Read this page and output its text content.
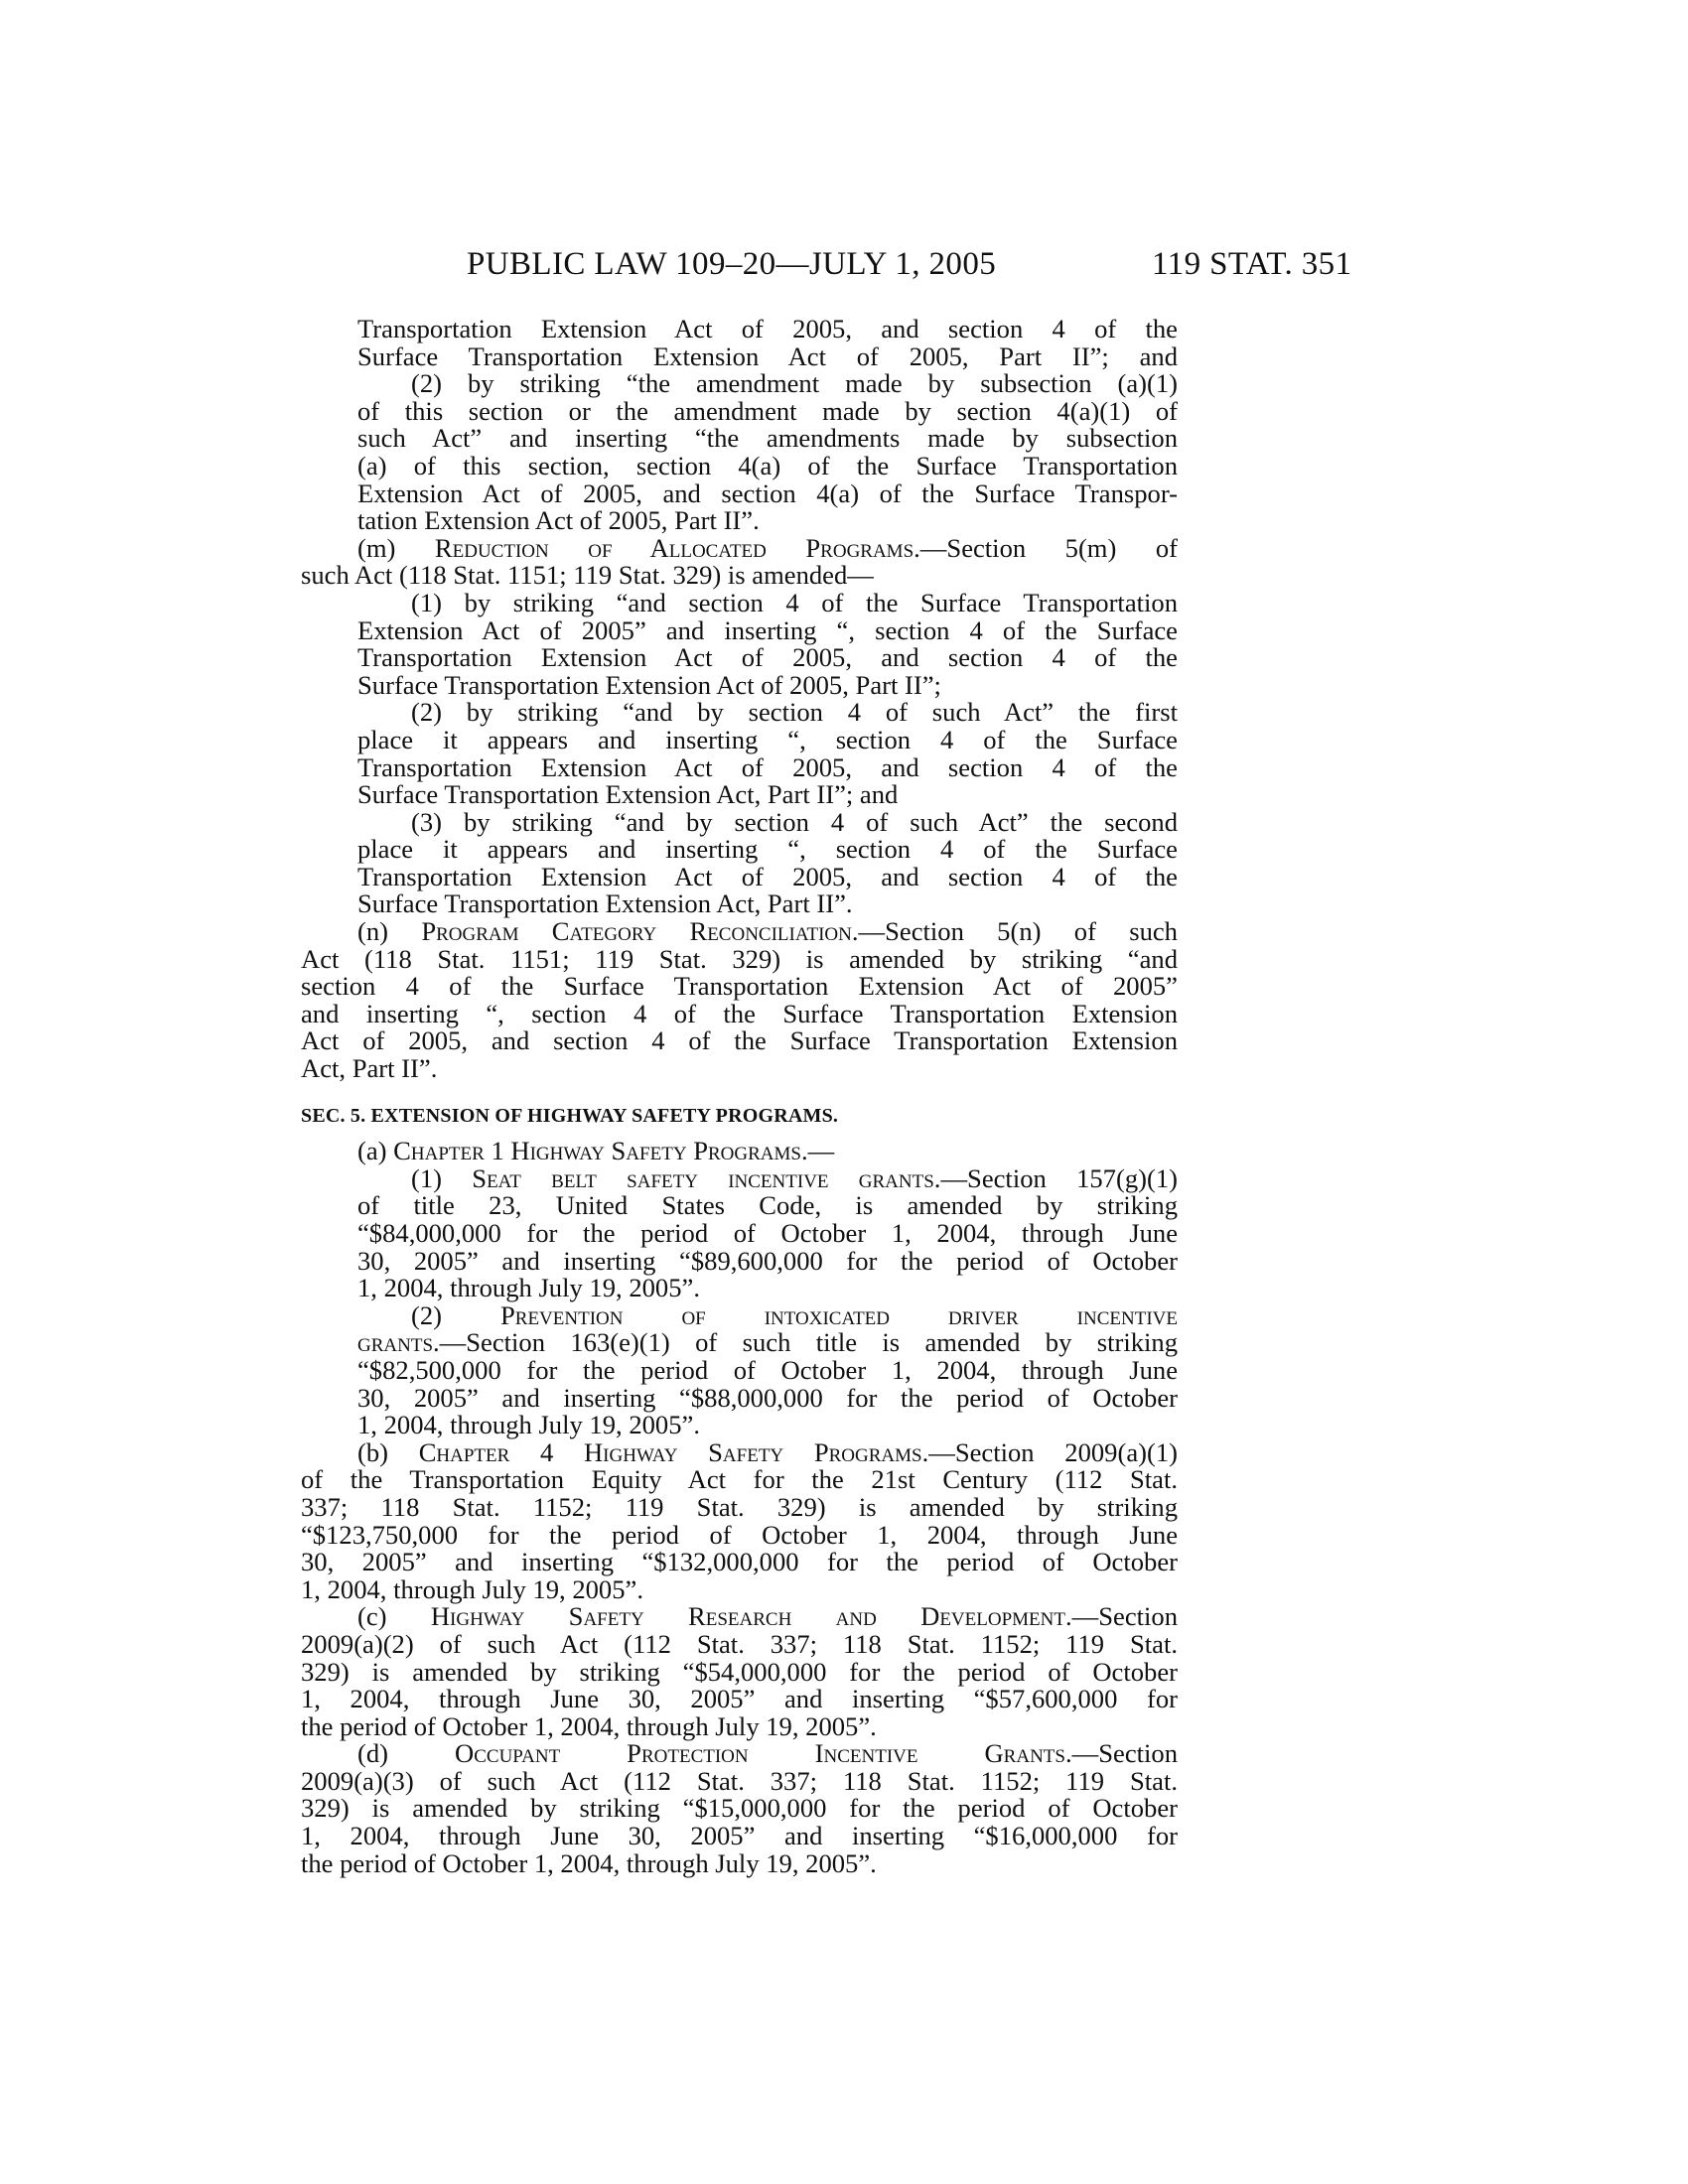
PUBLIC LAW 109–20—JULY 1, 2005	119 STAT. 351
Transportation Extension Act of 2005, and section 4 of the
Surface Transportation Extension Act of 2005, Part II”; and
(2) by striking “the amendment made by subsection (a)(1)
of this section or the amendment made by section 4(a)(1) of
such Act” and inserting “the amendments made by subsection
(a) of this section, section 4(a) of the Surface Transportation
Extension Act of 2005, and section 4(a) of the Surface Transpor-
tation Extension Act of 2005, Part II”.
(m) Reduction of Allocated Programs.—Section 5(m) of
such Act (118 Stat. 1151; 119 Stat. 329) is amended—
(1) by striking “and section 4 of the Surface Transportation
Extension Act of 2005” and inserting “, section 4 of the Surface
Transportation Extension Act of 2005, and section 4 of the
Surface Transportation Extension Act of 2005, Part II”;
(2) by striking “and by section 4 of such Act” the first
place it appears and inserting “, section 4 of the Surface
Transportation Extension Act of 2005, and section 4 of the
Surface Transportation Extension Act, Part II”; and
(3) by striking “and by section 4 of such Act” the second
place it appears and inserting “, section 4 of the Surface
Transportation Extension Act of 2005, and section 4 of the
Surface Transportation Extension Act, Part II”.
(n) Program Category Reconciliation.—Section 5(n) of such
Act (118 Stat. 1151; 119 Stat. 329) is amended by striking “and
section 4 of the Surface Transportation Extension Act of 2005”
and inserting “, section 4 of the Surface Transportation Extension
Act of 2005, and section 4 of the Surface Transportation Extension
Act, Part II”.
SEC. 5. EXTENSION OF HIGHWAY SAFETY PROGRAMS.
(a) Chapter 1 Highway Safety Programs.—
(1) Seat belt safety incentive grants.—Section 157(g)(1)
of title 23, United States Code, is amended by striking
“$84,000,000 for the period of October 1, 2004, through June
30, 2005” and inserting “$89,600,000 for the period of October
1, 2004, through July 19, 2005”.
(2) Prevention of intoxicated driver incentive
grants.—Section 163(e)(1) of such title is amended by striking
“$82,500,000 for the period of October 1, 2004, through June
30, 2005” and inserting “$88,000,000 for the period of October
1, 2004, through July 19, 2005”.
(b) Chapter 4 Highway Safety Programs.—Section 2009(a)(1)
of the Transportation Equity Act for the 21st Century (112 Stat.
337; 118 Stat. 1152; 119 Stat. 329) is amended by striking
“$123,750,000 for the period of October 1, 2004, through June
30, 2005” and inserting “$132,000,000 for the period of October
1, 2004, through July 19, 2005”.
(c) Highway Safety Research and Development.—Section
2009(a)(2) of such Act (112 Stat. 337; 118 Stat. 1152; 119 Stat.
329) is amended by striking “$54,000,000 for the period of October
1, 2004, through June 30, 2005” and inserting “$57,600,000 for
the period of October 1, 2004, through July 19, 2005”.
(d) Occupant Protection Incentive Grants.—Section
2009(a)(3) of such Act (112 Stat. 337; 118 Stat. 1152; 119 Stat.
329) is amended by striking “$15,000,000 for the period of October
1, 2004, through June 30, 2005” and inserting “$16,000,000 for
the period of October 1, 2004, through July 19, 2005”.
